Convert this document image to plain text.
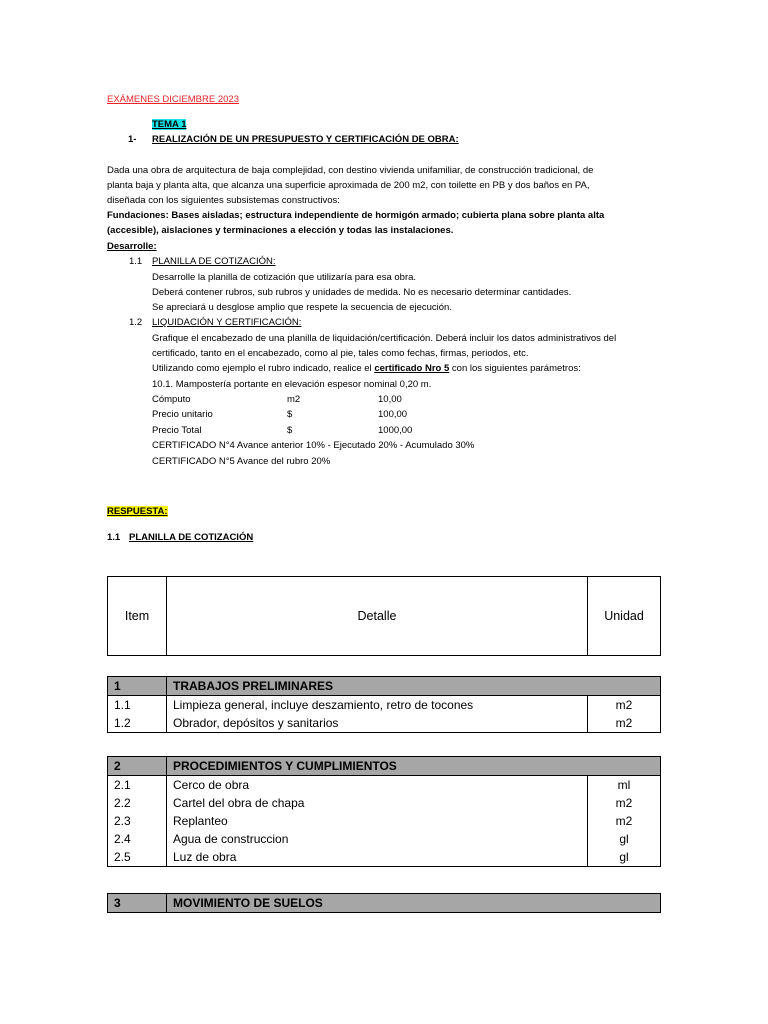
EXÁMENES DICIEMBRE 2023
TEMA 1
1- REALIZACIÓN DE UN PRESUPUESTO Y CERTIFICACIÓN DE OBRA:
Dada una obra de arquitectura de baja complejidad, con destino vivienda unifamiliar, de construcción tradicional, de
planta baja y planta alta, que alcanza una superficie aproximada de 200 m2, con toilette en PB y dos baños en PA,
diseñada con los siguientes subsistemas constructivos:
Fundaciones: Bases aisladas; estructura independiente de hormigón armado; cubierta plana sobre planta alta
(accesible), aislaciones y terminaciones a elección y todas las instalaciones.
Desarrolle:
1.1 PLANILLA DE COTIZACIÓN:
Desarrolle la planilla de cotización que utilizaría para esa obra.
Deberá contener rubros, sub rubros y unidades de medida. No es necesario determinar cantidades.
Se apreciará u desglose amplio que respete la secuencia de ejecución.
1.2 LIQUIDACIÓN Y CERTIFICACIÓN:
Grafique el encabezado de una planilla de liquidación/certificación. Deberá incluir los datos administrativos del
certificado, tanto en el encabezado, como al pie, tales como fechas, firmas, periodos, etc.
Utilizando como ejemplo el rubro indicado, realice el certificado Nro 5 con los siguientes parámetros:
10.1. Mampostería portante en elevación espesor nominal 0,20 m.
Cómputo	m2	10,00
Precio unitario	$	100,00
Precio Total	$	1000,00
CERTIFICADO N°4 Avance anterior 10% - Ejecutado 20% - Acumulado 30%
CERTIFICADO N°5 Avance del rubro 20%
RESPUESTA:
1.1 PLANILLA DE COTIZACIÓN
Item	Detalle	Unidad
1	TRABAJOS PRELIMINARES	
1.1	Limpieza general, incluye deszamiento, retro de tocones	m2
1.2	Obrador, depósitos y sanitarios	m2
2	PROCEDIMIENTOS Y CUMPLIMIENTOS	
2.1	Cerco de obra	ml
2.2	Cartel del obra de chapa	m2
2.3	Replanteo	m2
2.4	Agua de construccion	gl
2.5	Luz de obra	gl
3	MOVIMIENTO DE SUELOS
